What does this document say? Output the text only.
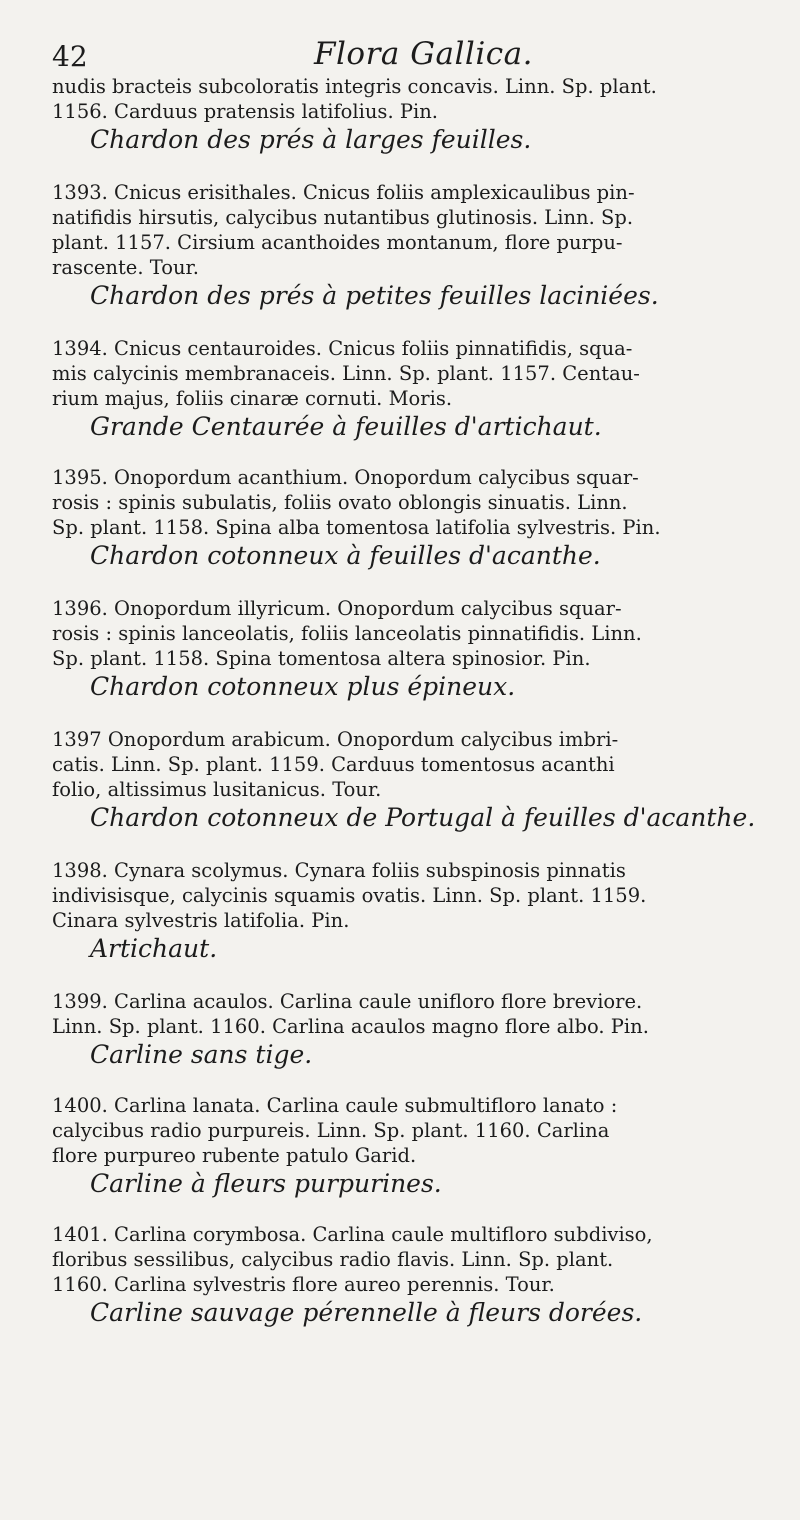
42	Flora Gallica.
nudis bracteis subcoloratis integris concavis. Linn. Sp. plant.
1156. Carduus pratensis latifolius. Pin.
Chardon des prés à larges feuilles.
1393. Cnicus erisithales. Cnicus foliis amplexicaulibus pin-
natifidis hirsutis, calycibus nutantibus glutinosis. Linn. Sp.
plant. 1157. Cirsium acanthoides montanum, flore purpu-
rascente. Tour.
Chardon des prés à petites feuilles laciniées.
1394. Cnicus centauroides. Cnicus foliis pinnatifidis, squa-
mis calycinis membranaceis. Linn. Sp. plant. 1157. Centau-
rium majus, foliis cinaræ cornuti. Moris.
Grande Centaurée à feuilles d'artichaut.
1395. Onopordum acanthium. Onopordum calycibus squar-
rosis : spinis subulatis, foliis ovato oblongis sinuatis. Linn.
Sp. plant. 1158. Spina alba tomentosa latifolia sylvestris. Pin.
Chardon cotonneux à feuilles d'acanthe.
1396. Onopordum illyricum. Onopordum calycibus squar-
rosis : spinis lanceolatis, foliis lanceolatis pinnatifidis. Linn.
Sp. plant. 1158. Spina tomentosa altera spinosior. Pin.
Chardon cotonneux plus épineux.
1397 Onopordum arabicum. Onopordum calycibus imbri-
catis. Linn. Sp. plant. 1159. Carduus tomentosus acanthi
folio, altissimus lusitanicus. Tour.
Chardon cotonneux de Portugal à feuilles d'acanthe.
1398. Cynara scolymus. Cynara foliis subspinosis pinnatis
indivisisque, calycinis squamis ovatis. Linn. Sp. plant. 1159.
Cinara sylvestris latifolia. Pin.
Artichaut.
1399. Carlina acaulos. Carlina caule unifloro flore breviore.
Linn. Sp. plant. 1160. Carlina acaulos magno flore albo. Pin.
Carline sans tige.
1400. Carlina lanata. Carlina caule submultifloro lanato :
calycibus radio purpureis. Linn. Sp. plant. 1160. Carlina
flore purpureo rubente patulo Garid.
Carline à fleurs purpurines.
1401. Carlina corymbosa. Carlina caule multifloro subdiviso,
floribus sessilibus, calycibus radio flavis. Linn. Sp. plant.
1160. Carlina sylvestris flore aureo perennis. Tour.
Carline sauvage pérennelle à fleurs dorées.
